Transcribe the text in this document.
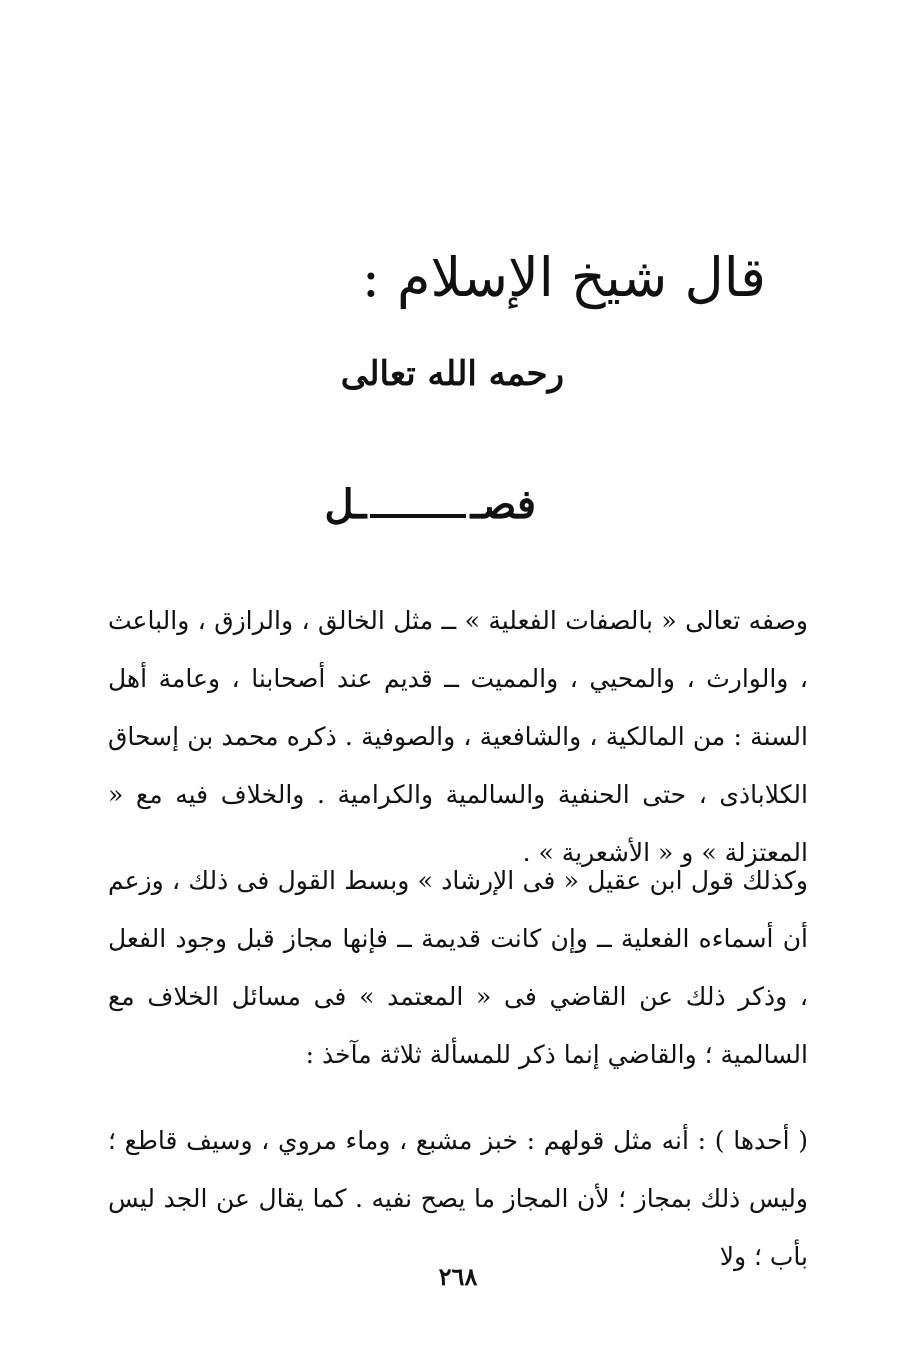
قال شيخ الإسلام :
رحمه الله تعالى
فصــل

وصفه تعالى « بالصفات الفعلية » ــ مثل الخالق ، والرازق ، والباعث ، والوارث ، والمحيي ، والمميت ــ قديم عند أصحابنا ، وعامة أهل السنة : من المالكية ، والشافعية ، والصوفية . ذكره محمد بن إسحاق الكلاباذى ، حتى الحنفية والسالمية والكرامية . والخلاف فيه مع « المعتزلة » و « الأشعرية » .

وكذلك قول ابن عقيل « فى الإرشاد » وبسط القول فى ذلك ، وزعم أن أسماءه الفعلية ــ وإن كانت قديمة ــ فإنها مجاز قبل وجود الفعل ، وذكر ذلك عن القاضي فى « المعتمد » فى مسائل الخلاف مع السالمية ؛ والقاضي إنما ذكر للمسألة ثلاثة مآخذ :

( أحدها ) : أنه مثل قولهم : خبز مشبع ، وماء مروي ، وسيف قاطع ؛ وليس ذلك بمجاز ؛ لأن المجاز ما يصح نفيه . كما يقال عن الجد ليس بأب ؛ ولا

٢٦٨
